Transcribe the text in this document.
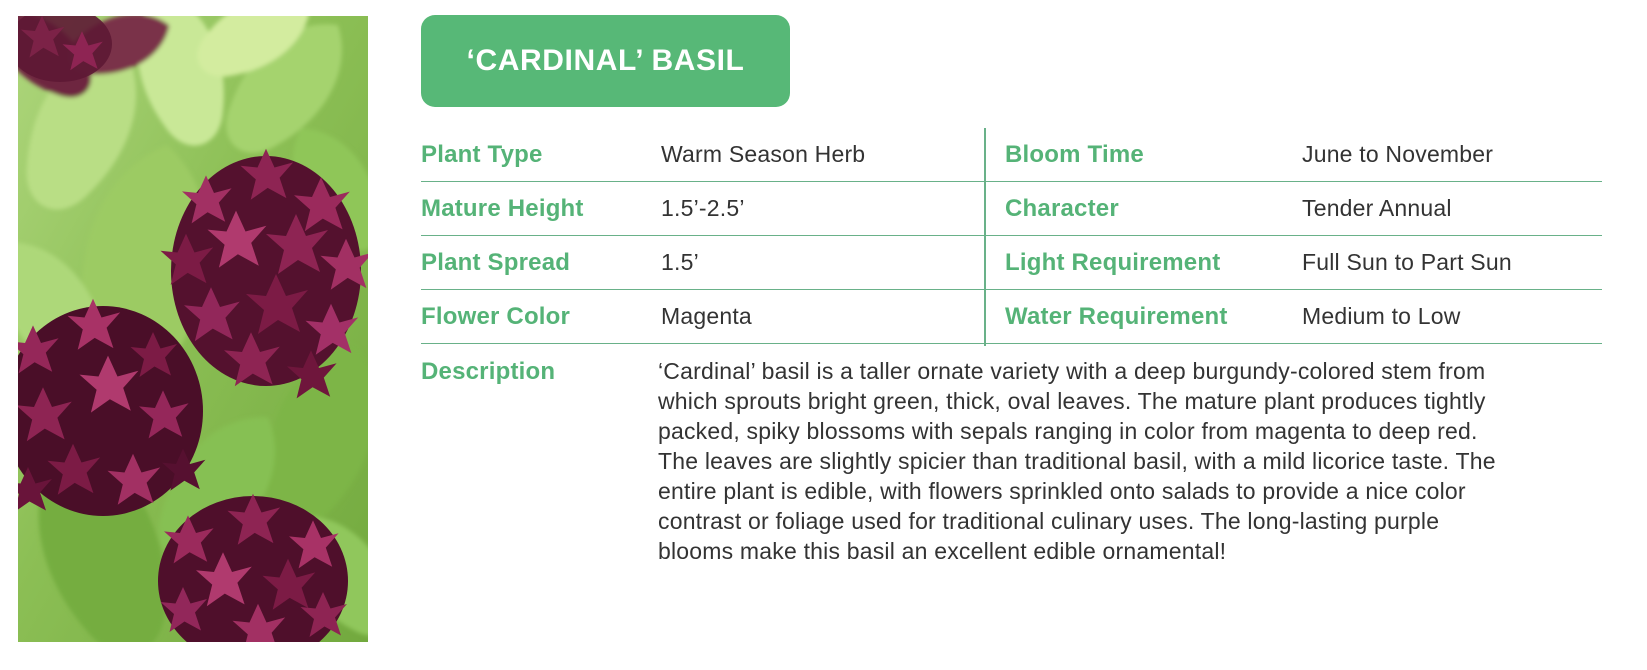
‘CARDINAL’ BASIL
Plant Type	Warm Season Herb	Bloom Time	June to November
Mature Height	1.5’-2.5’	Character	Tender Annual
Plant Spread	1.5’	Light Requirement	Full Sun to Part Sun
Flower Color	Magenta	Water Requirement	Medium to Low
Description	‘Cardinal’ basil is a taller ornate variety with a deep burgundy-colored stem from which sprouts bright green, thick, oval leaves. The mature plant produces tightly packed, spiky blossoms with sepals ranging in color from magenta to deep red. The leaves are slightly spicier than traditional basil, with a mild licorice taste. The entire plant is edible, with flowers sprinkled onto salads to provide a nice color contrast or foliage used for traditional culinary uses. The long-lasting purple blooms make this basil an excellent edible ornamental!
